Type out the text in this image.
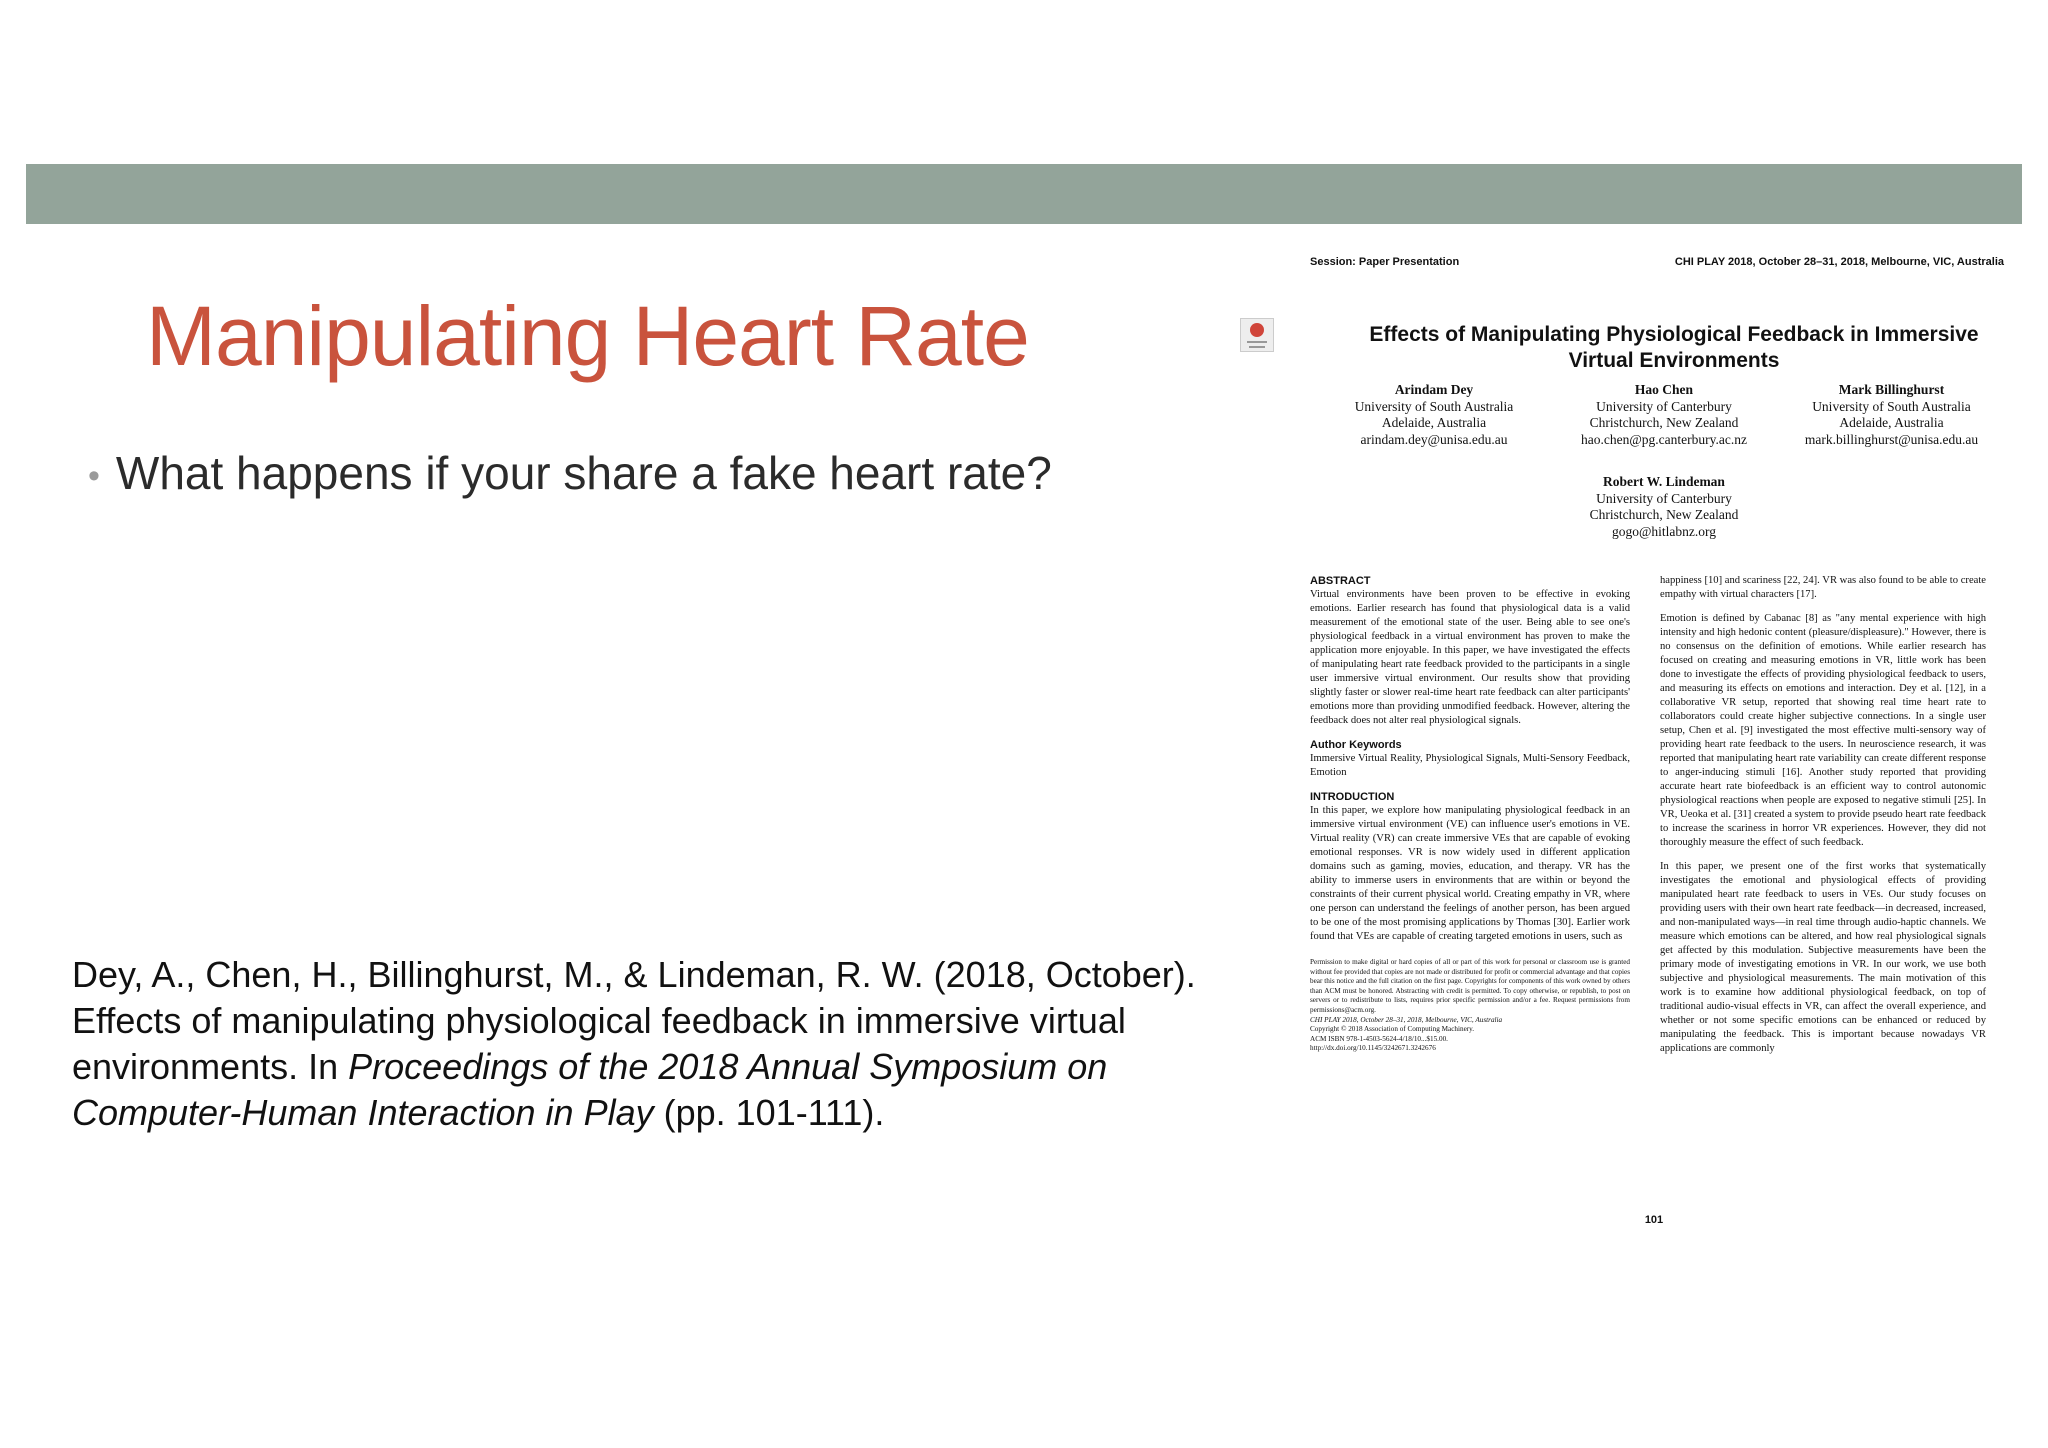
Manipulating Heart Rate
• What happens if your share a fake heart rate?
Dey, A., Chen, H., Billinghurst, M., & Lindeman, R. W. (2018, October). Effects of manipulating physiological feedback in immersive virtual environments. In Proceedings of the 2018 Annual Symposium on Computer-Human Interaction in Play (pp. 101-111).
Session: Paper Presentation	CHI PLAY 2018, October 28–31, 2018, Melbourne, VIC, Australia
Effects of Manipulating Physiological Feedback in Immersive Virtual Environments
Arindam Dey
University of South Australia
Adelaide, Australia
arindam.dey@unisa.edu.au
Hao Chen
University of Canterbury
Christchurch, New Zealand
hao.chen@pg.canterbury.ac.nz
Mark Billinghurst
University of South Australia
Adelaide, Australia
mark.billinghurst@unisa.edu.au
Robert W. Lindeman
University of Canterbury
Christchurch, New Zealand
gogo@hitlabnz.org
ABSTRACT

Virtual environments have been proven to be effective in evoking emotions. Earlier research has found that physiological data is a valid measurement of the emotional state of the user. Being able to see one's physiological feedback in a virtual environment has proven to make the application more enjoyable. In this paper, we have investigated the effects of manipulating heart rate feedback provided to the participants in a single user immersive virtual environment. Our results show that providing slightly faster or slower real-time heart rate feedback can alter participants' emotions more than providing unmodified feedback. However, altering the feedback does not alter real physiological signals.

Author Keywords

Immersive Virtual Reality, Physiological Signals, Multi-Sensory Feedback, Emotion

INTRODUCTION

In this paper, we explore how manipulating physiological feedback in an immersive virtual environment (VE) can influence user's emotions in VE. Virtual reality (VR) can create immersive VEs that are capable of evoking emotional responses. VR is now widely used in different application domains such as gaming, movies, education, and therapy. VR has the ability to immerse users in environments that are within or beyond the constraints of their current physical world. Creating empathy in VR, where one person can understand the feelings of another person, has been argued to be one of the most promising applications by Thomas [30]. Earlier work found that VEs are capable of creating targeted emotions in users, such as

Permission to make digital or hard copies of all or part of this work for personal or classroom use is granted without fee provided that copies are not made or distributed for profit or commercial advantage and that copies bear this notice and the full citation on the first page. Copyrights for components of this work owned by others than ACM must be honored. Abstracting with credit is permitted. To copy otherwise, or republish, to post on servers or to redistribute to lists, requires prior specific permission and/or a fee. Request permissions from permissions@acm.org.
CHI PLAY 2018, October 28–31, 2018, Melbourne, VIC, Australia
Copyright © 2018 Association of Computing Machinery.
ACM ISBN 978-1-4503-5624-4/18/10...$15.00.
http://dx.doi.org/10.1145/3242671.3242676

happiness [10] and scariness [22, 24]. VR was also found to be able to create empathy with virtual characters [17].

Emotion is defined by Cabanac [8] as "any mental experience with high intensity and high hedonic content (pleasure/displeasure)." However, there is no consensus on the definition of emotions. While earlier research has focused on creating and measuring emotions in VR, little work has been done to investigate the effects of providing physiological feedback to users, and measuring its effects on emotions and interaction. Dey et al. [12], in a collaborative VR setup, reported that showing real time heart rate to collaborators could create higher subjective connections. In a single user setup, Chen et al. [9] investigated the most effective multi-sensory way of providing heart rate feedback to the users. In neuroscience research, it was reported that manipulating heart rate variability can create different response to anger-inducing stimuli [16]. Another study reported that providing accurate heart rate biofeedback is an efficient way to control autonomic physiological reactions when people are exposed to negative stimuli [25]. In VR, Ueoka et al. [31] created a system to provide pseudo heart rate feedback to increase the scariness in horror VR experiences. However, they did not thoroughly measure the effect of such feedback.

In this paper, we present one of the first works that systematically investigates the emotional and physiological effects of providing manipulated heart rate feedback to users in VEs. Our study focuses on providing users with their own heart rate feedback—in decreased, increased, and non-manipulated ways—in real time through audio-haptic channels. We measure which emotions can be altered, and how real physiological signals get affected by this modulation. Subjective measurements have been the primary mode of investigating emotions in VR. In our work, we use both subjective and physiological measurements. The main motivation of this work is to examine how additional physiological feedback, on top of traditional audio-visual effects in VR, can affect the overall experience, and whether or not some specific emotions can be enhanced or reduced by manipulating the feedback. This is important because nowadays VR applications are commonly

101
